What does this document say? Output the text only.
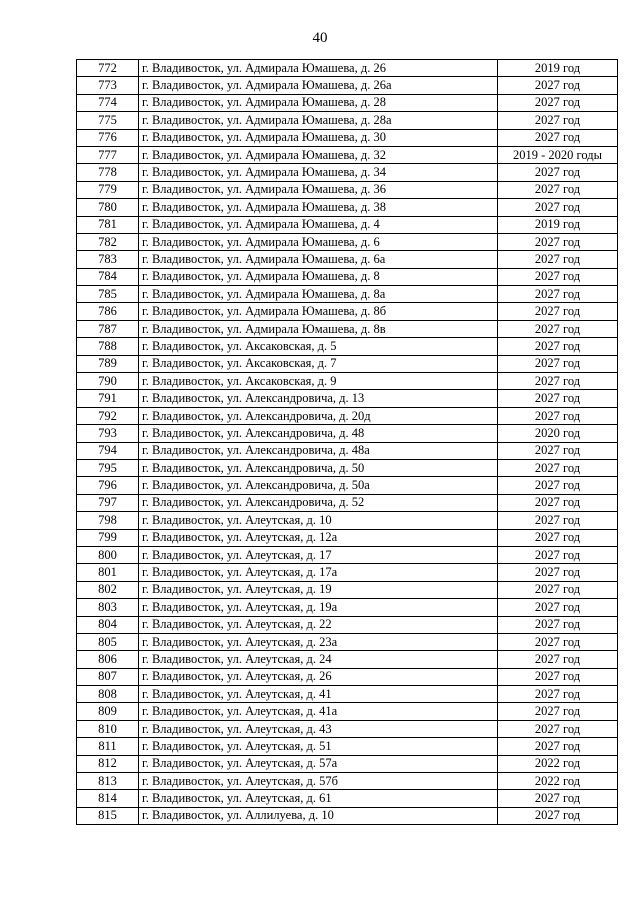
40
772	г. Владивосток, ул. Адмирала Юмашева, д. 26	2019 год
773	г. Владивосток, ул. Адмирала Юмашева, д. 26а	2027 год
774	г. Владивосток, ул. Адмирала Юмашева, д. 28	2027 год
775	г. Владивосток, ул. Адмирала Юмашева, д. 28а	2027 год
776	г. Владивосток, ул. Адмирала Юмашева, д. 30	2027 год
777	г. Владивосток, ул. Адмирала Юмашева, д. 32	2019 - 2020 годы
778	г. Владивосток, ул. Адмирала Юмашева, д. 34	2027 год
779	г. Владивосток, ул. Адмирала Юмашева, д. 36	2027 год
780	г. Владивосток, ул. Адмирала Юмашева, д. 38	2027 год
781	г. Владивосток, ул. Адмирала Юмашева, д. 4	2019 год
782	г. Владивосток, ул. Адмирала Юмашева, д. 6	2027 год
783	г. Владивосток, ул. Адмирала Юмашева, д. 6а	2027 год
784	г. Владивосток, ул. Адмирала Юмашева, д. 8	2027 год
785	г. Владивосток, ул. Адмирала Юмашева, д. 8а	2027 год
786	г. Владивосток, ул. Адмирала Юмашева, д. 8б	2027 год
787	г. Владивосток, ул. Адмирала Юмашева, д. 8в	2027 год
788	г. Владивосток, ул. Аксаковская, д. 5	2027 год
789	г. Владивосток, ул. Аксаковская, д. 7	2027 год
790	г. Владивосток, ул. Аксаковская, д. 9	2027 год
791	г. Владивосток, ул. Александровича, д. 13	2027 год
792	г. Владивосток, ул. Александровича, д. 20д	2027 год
793	г. Владивосток, ул. Александровича, д. 48	2020 год
794	г. Владивосток, ул. Александровича, д. 48а	2027 год
795	г. Владивосток, ул. Александровича, д. 50	2027 год
796	г. Владивосток, ул. Александровича, д. 50а	2027 год
797	г. Владивосток, ул. Александровича, д. 52	2027 год
798	г. Владивосток, ул. Алеутская, д. 10	2027 год
799	г. Владивосток, ул. Алеутская, д. 12а	2027 год
800	г. Владивосток, ул. Алеутская, д. 17	2027 год
801	г. Владивосток, ул. Алеутская, д. 17а	2027 год
802	г. Владивосток, ул. Алеутская, д. 19	2027 год
803	г. Владивосток, ул. Алеутская, д. 19а	2027 год
804	г. Владивосток, ул. Алеутская, д. 22	2027 год
805	г. Владивосток, ул. Алеутская, д. 23а	2027 год
806	г. Владивосток, ул. Алеутская, д. 24	2027 год
807	г. Владивосток, ул. Алеутская, д. 26	2027 год
808	г. Владивосток, ул. Алеутская, д. 41	2027 год
809	г. Владивосток, ул. Алеутская, д. 41а	2027 год
810	г. Владивосток, ул. Алеутская, д. 43	2027 год
811	г. Владивосток, ул. Алеутская, д. 51	2027 год
812	г. Владивосток, ул. Алеутская, д. 57а	2022 год
813	г. Владивосток, ул. Алеутская, д. 57б	2022 год
814	г. Владивосток, ул. Алеутская, д. 61	2027 год
815	г. Владивосток, ул. Аллилуева, д. 10	2027 год
